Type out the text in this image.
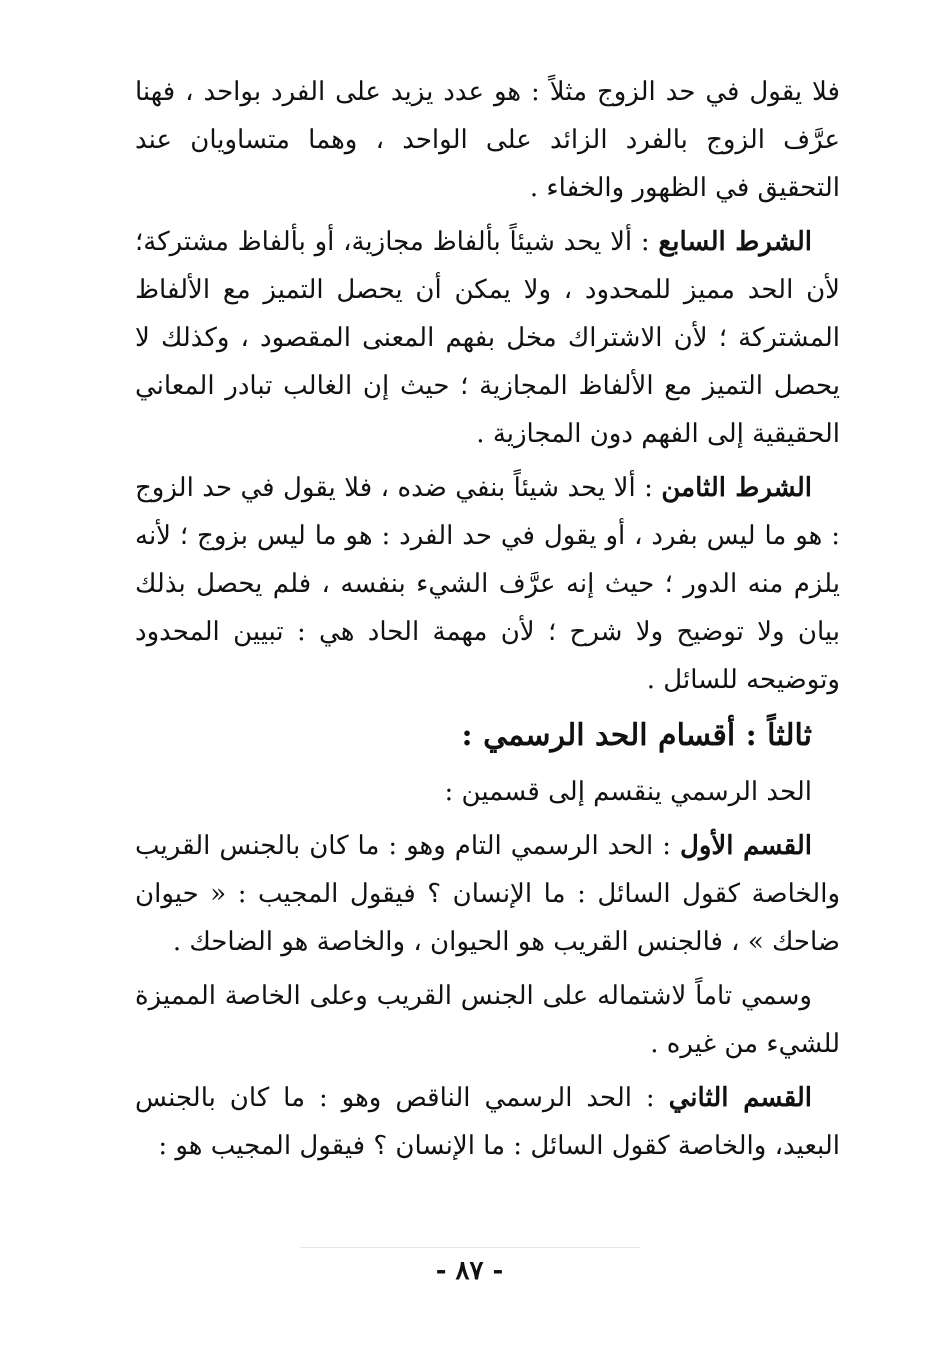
فلا يقول في حد الزوج مثلاً : هو عدد يزيد على الفرد بواحد ، فهنا عرَّف الزوج بالفرد الزائد على الواحد ، وهما متساويان عند التحقيق في الظهور والخفاء .

الشرط السابع : ألا يحد شيئاً بألفاظ مجازية، أو بألفاظ مشتركة؛ لأن الحد مميز للمحدود ، ولا يمكن أن يحصل التميز مع الألفاظ المشتركة ؛ لأن الاشتراك مخل بفهم المعنى المقصود ، وكذلك لا يحصل التميز مع الألفاظ المجازية ؛ حيث إن الغالب تبادر المعاني الحقيقية إلى الفهم دون المجازية .

الشرط الثامن : ألا يحد شيئاً بنفي ضده ، فلا يقول في حد الزوج : هو ما ليس بفرد ، أو يقول في حد الفرد : هو ما ليس بزوج ؛ لأنه يلزم منه الدور ؛ حيث إنه عرَّف الشيء بنفسه ، فلم يحصل بذلك بيان ولا توضيح ولا شرح ؛ لأن مهمة الحاد هي : تبيين المحدود وتوضيحه للسائل .

ثالثاً : أقسام الحد الرسمي :

الحد الرسمي ينقسم إلى قسمين :

القسم الأول : الحد الرسمي التام وهو : ما كان بالجنس القريب والخاصة كقول السائل : ما الإنسان ؟ فيقول المجيب : « حيوان ضاحك » ، فالجنس القريب هو الحيوان ، والخاصة هو الضاحك .

وسمي تاماً لاشتماله على الجنس القريب وعلى الخاصة المميزة للشيء من غيره .

القسم الثاني : الحد الرسمي الناقص وهو : ما كان بالجنس البعيد، والخاصة كقول السائل : ما الإنسان ؟ فيقول المجيب هو :

- ٨٧ -
